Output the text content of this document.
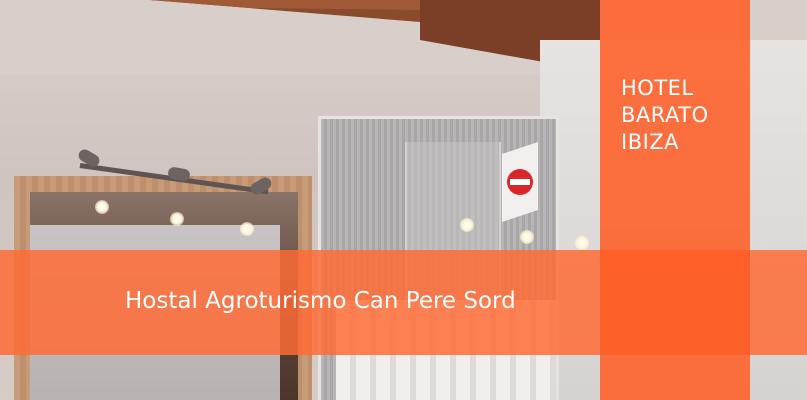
Hostal Agroturismo Can Pere Sord
HOTEL
BARATO
IBIZA
